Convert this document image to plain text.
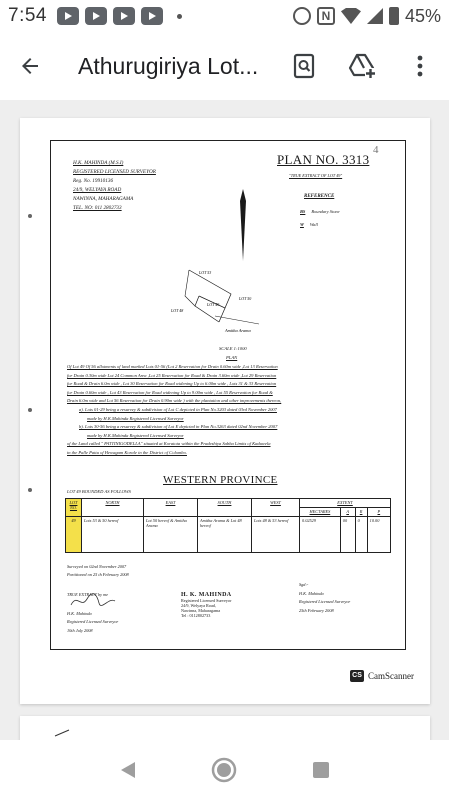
7:54	N	45%
Athurugiriya Lot...
4
H.K. MAHINDA (M.S.I)
REGISTERED LICENSED SURVEYOR
Reg. No. 19910136
24/9, WELYAYA ROAD
NAWINNA, MAHARAGAMA
TEL. NO: 011 2802733
PLAN NO. 3313
"TRUE EXTRACT OF LOT 49"
REFERENCE
BS Boundary Stone
W Wall
LOT 53
LOT 50
LOT 49
LOT 48
Amitha Arama
SCALE 1:1000
PLAN

Of Lot 49 Of 56 allotments of land marked Lots 01-56 (Lot 2 Reservation for Drain 0.60m wide ,Lot 13 Reservation

for Drain 0.30m wide Lot 24 Common Area ,Lot 25 Reservation for Road & Drain 3.60m wide ,Lot 29 Reservation

for Road & Drain 6.0m wide , Lot 30 Reservation for Road widening Up to 6.00m wide , Lots 31 & 33 Reservation

for Drain 0.60m wide , Lot 43 Reservation for Road widening Up to 9.00m wide , Lot 55 Reservation for Road &

Drain 6.0m wide and Lot 56 Reservation for Drain 0.90m wide ) with the plantation and other improvements thereon,

a). Lots 01-29 being a resurvey & subdivision of Lot C depicted in Plan No.3203 dated 03rd November 2007

made by H.K.Mahinda Registered Licensed Surveyor

b). Lots 30-56 being a resurvey & subdivision of Lot E depicted in Plan No.3263 dated 02nd November 2007

made by H.K.Mahinda Registered Licensed Surveyor

of the Land called " PATTINIGODELLA" situated at Koratota within the Pradeshiya Sabha Limits of Kaduwela

in the Palle Pattu of Hewagam Korale in the District of Colombo.

WESTERN PROVINCE
LOT 49 BOUNDED AS FOLLOWS
LOT NO.	NORTH	EAST	SOUTH	WEST	EXTENT			
					HECTARES	A	R	P
49	Lots 53 & 50 hereof	Lot 50 hereof & Amitha Arama	Amitha Arama & Lot 48 hereof	Lots 48 & 53 hereof	0.02529	00	0	10.00
Surveyed on 02nd November 2007
Partitioned on 25 th February 2008
TRUE EXTRACT by me
H.K. Mahinda
Registered Licensed Surveyor
10th July 2008
H. K. MAHINDA
Registered Licensed Surveyor
24/9, Welyaya Road,
Nawinna, Maharagama
Tel : 0112802733
Sgd:-
H.K. Mahinda
Registered Licensed Surveyor
25th February 2008
CS CamScanner
